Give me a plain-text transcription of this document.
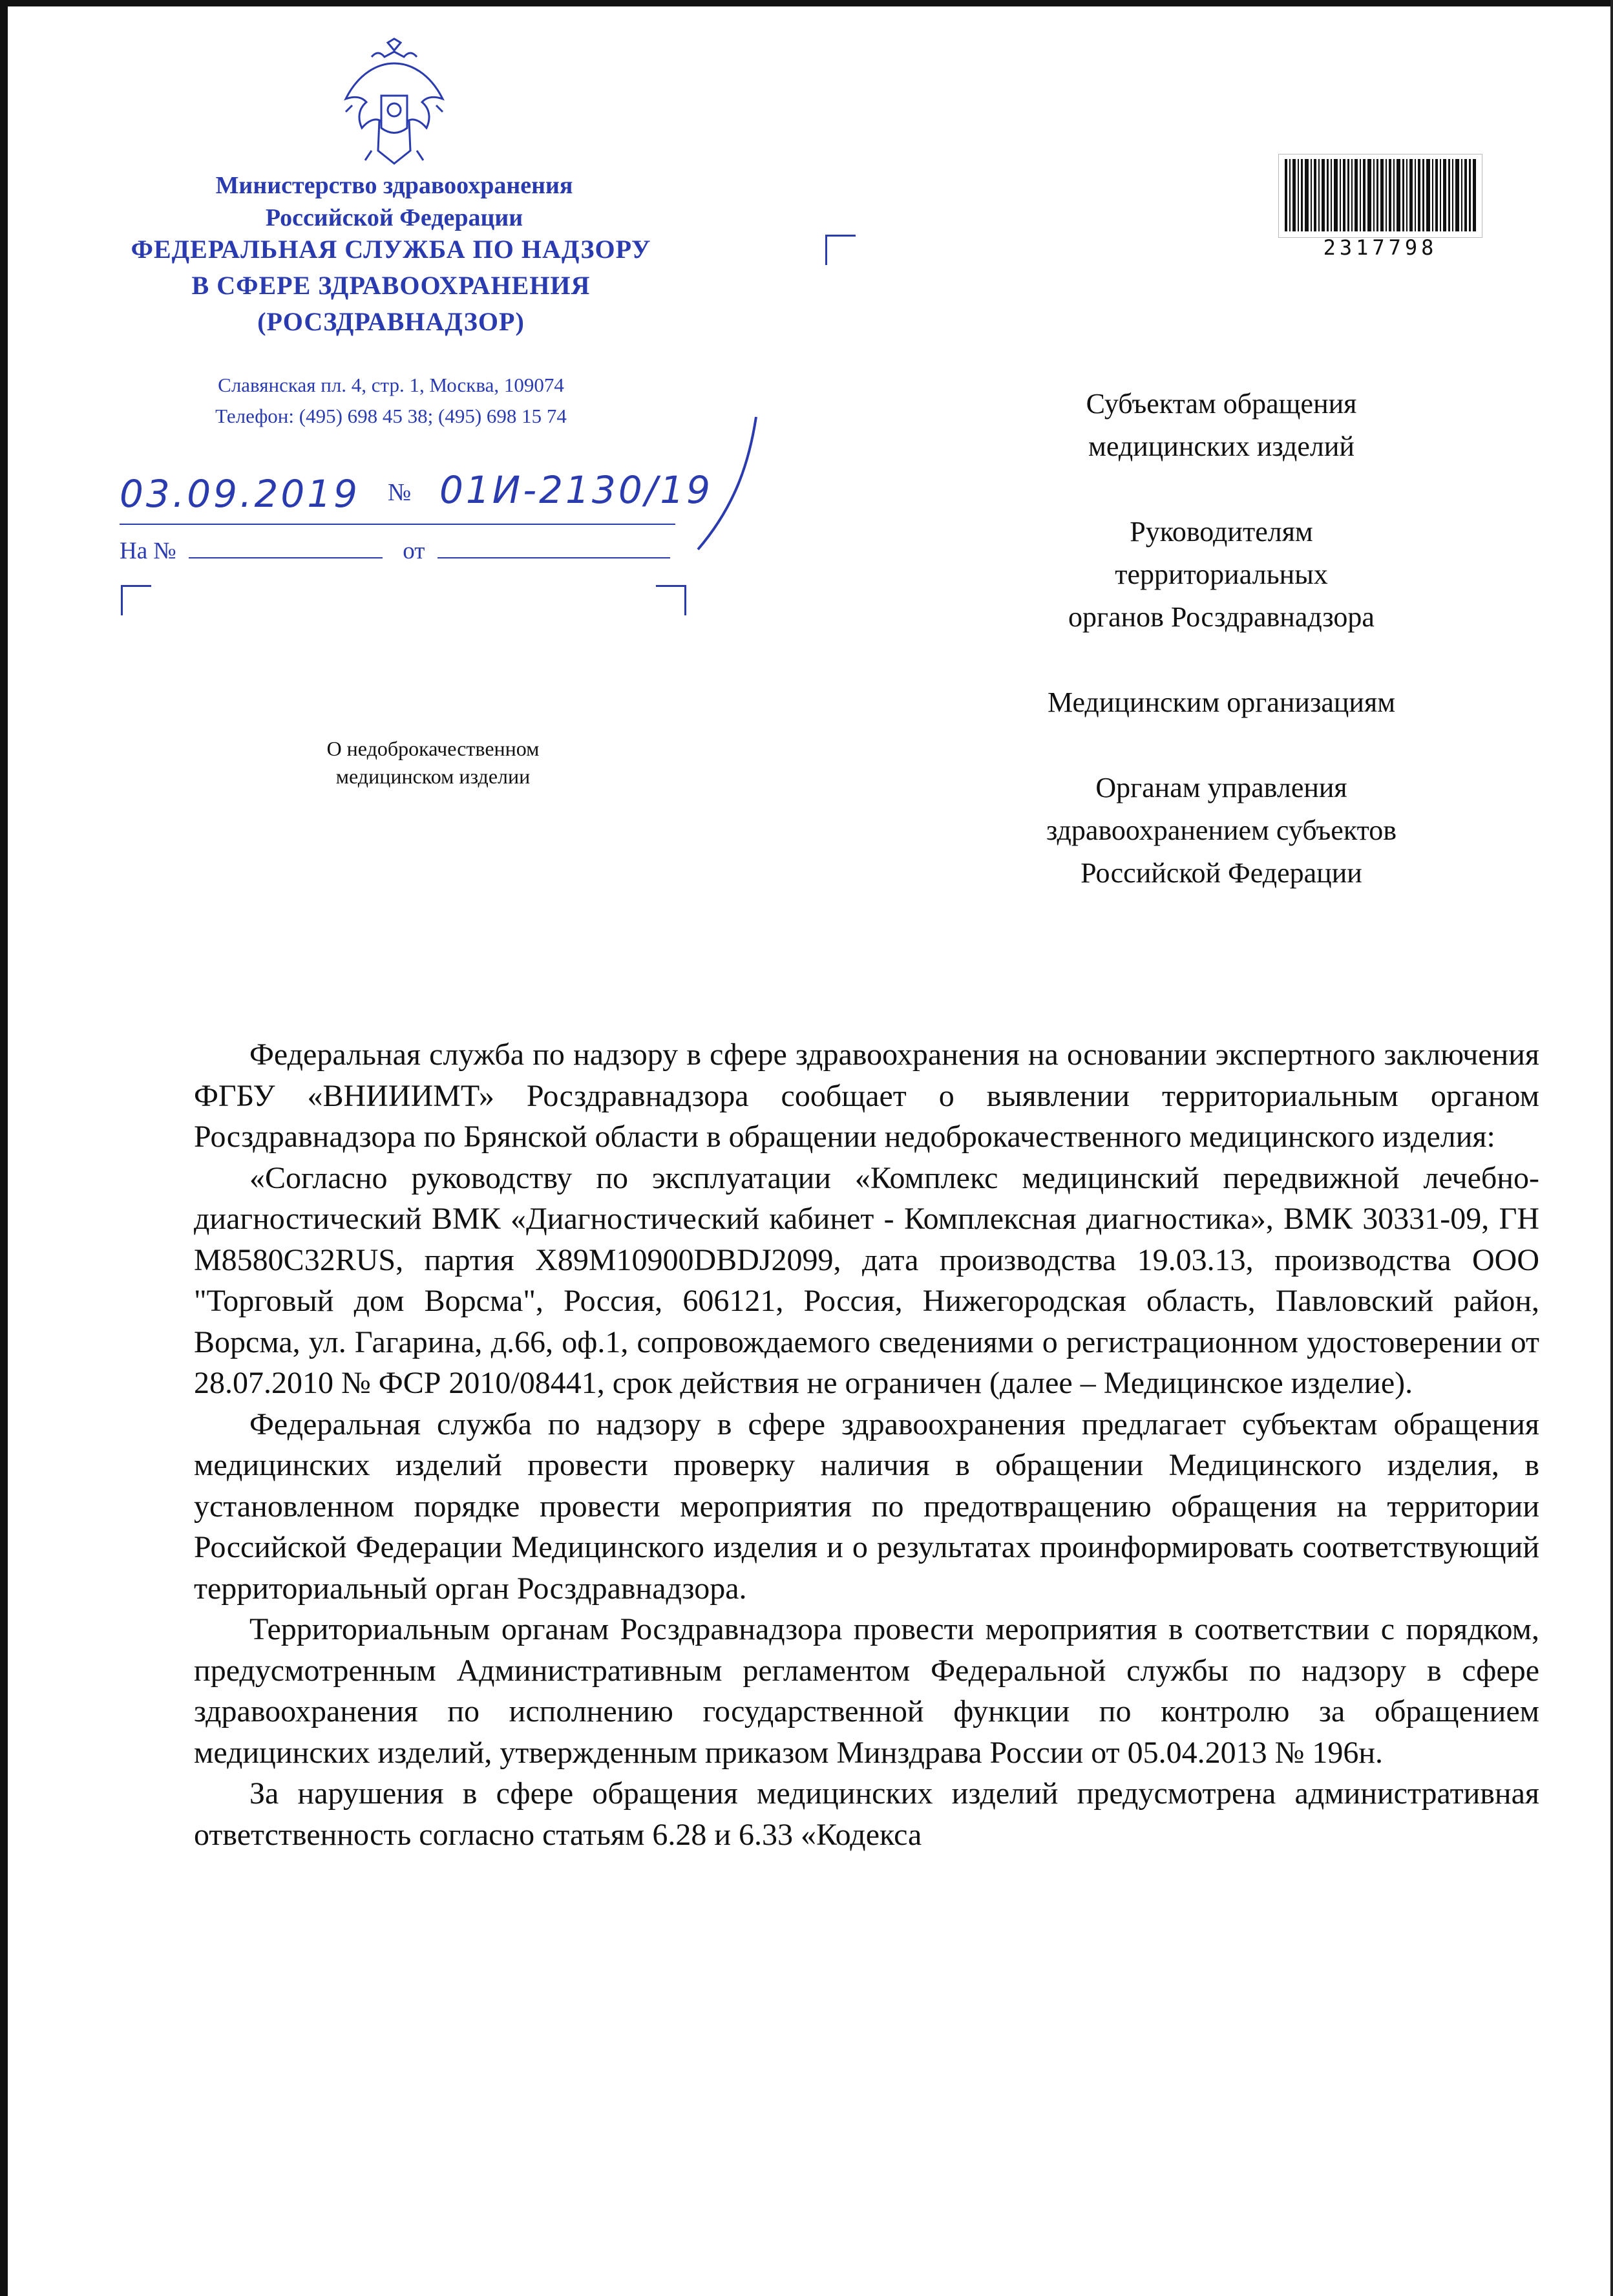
Министерство здравоохранения
Российской Федерации
ФЕДЕРАЛЬНАЯ СЛУЖБА ПО НАДЗОРУ
В СФЕРЕ ЗДРАВООХРАНЕНИЯ
(РОСЗДРАВНАДЗОР)
Славянская пл. 4, стр. 1, Москва, 109074
Телефон: (495) 698 45 38; (495) 698 15 74
03.09.2019	№ 01И-2130/19
На №	от
2317798
Субъектам обращения
медицинских изделий
Руководителям
территориальных
органов Росздравнадзора
Медицинским организациям
Органам управления
здравоохранением субъектов
Российской Федерации
О недоброкачественном
медицинском изделии

Федеральная служба по надзору в сфере здравоохранения на основании экспертного заключения ФГБУ «ВНИИИМТ» Росздравнадзора сообщает о выявлении территориальным органом Росздравнадзора по Брянской области в обращении недоброкачественного медицинского изделия:

«Согласно руководству по эксплуатации «Комплекс медицинский передвижной лечебно-диагностический ВМК «Диагностический кабинет - Комплексная диагностика», ВМК 30331-09, ГН М8580С32RUS, партия X89M10900DBDJ2099, дата производства 19.03.13, производства ООО "Торговый дом Ворсма", Россия, 606121, Россия, Нижегородская область, Павловский район, Ворсма, ул. Гагарина, д.66, оф.1, сопровождаемого сведениями о регистрационном удостоверении от 28.07.2010 № ФСР 2010/08441, срок действия не ограничен (далее – Медицинское изделие).

Федеральная служба по надзору в сфере здравоохранения предлагает субъектам обращения медицинских изделий провести проверку наличия в обращении Медицинского изделия, в установленном порядке провести мероприятия по предотвращению обращения на территории Российской Федерации Медицинского изделия и о результатах проинформировать соответствующий территориальный орган Росздравнадзора.

Территориальным органам Росздравнадзора провести мероприятия в соответствии с порядком, предусмотренным Административным регламентом Федеральной службы по надзору в сфере здравоохранения по исполнению государственной функции по контролю за обращением медицинских изделий, утвержденным приказом Минздрава России от 05.04.2013 № 196н.

За нарушения в сфере обращения медицинских изделий предусмотрена административная ответственность согласно статьям 6.28 и 6.33 «Кодекса
